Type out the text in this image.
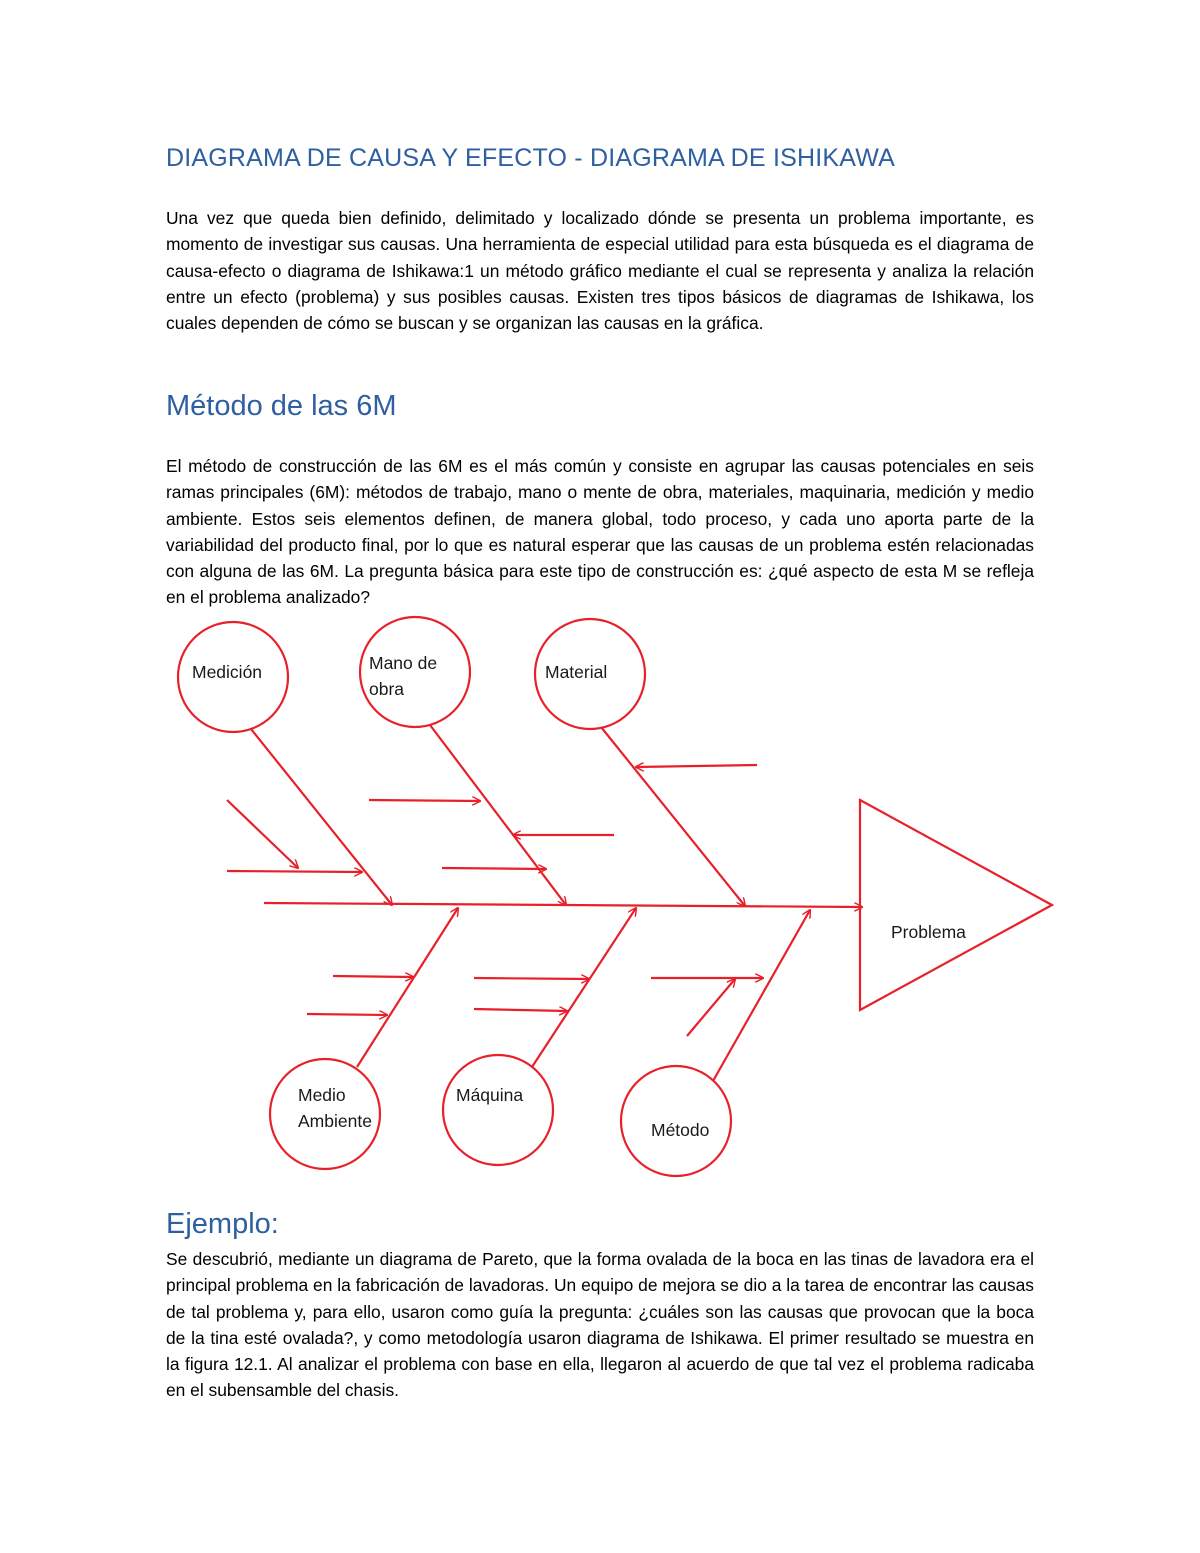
DIAGRAMA DE CAUSA Y EFECTO - DIAGRAMA DE ISHIKAWA

Una vez que queda bien definido, delimitado y localizado dónde se presenta un problema importante, es momento de investigar sus causas. Una herramienta de especial utilidad para esta búsqueda es el diagrama de causa-efecto o diagrama de Ishikawa:1 un método gráfico mediante el cual se representa y analiza la relación entre un efecto (problema) y sus posibles causas. Existen tres tipos básicos de diagramas de Ishikawa, los cuales dependen de cómo se buscan y se organizan las causas en la gráfica.

Método de las 6M

El método de construcción de las 6M es el más común y consiste en agrupar las causas potenciales en seis ramas principales (6M): métodos de trabajo, mano o mente de obra, materiales, maquinaria, medición y medio ambiente. Estos seis elementos definen, de manera global, todo proceso, y cada uno aporta parte de la variabilidad del producto final, por lo que es natural esperar que las causas de un problema estén relacionadas con alguna de las 6M. La pregunta básica para este tipo de construcción es: ¿qué aspecto de esta M se refleja en el problema analizado?

Medición	Mano de
obra
Material
Medio
Ambiente
Máquina
Método
Problema
Ejemplo:

Se descubrió, mediante un diagrama de Pareto, que la forma ovalada de la boca en las tinas de lavadora era el principal problema en la fabricación de lavadoras. Un equipo de mejora se dio a la tarea de encontrar las causas de tal problema y, para ello, usaron como guía la pregunta: ¿cuáles son las causas que provocan que la boca de la tina esté ovalada?, y como metodología usaron diagrama de Ishikawa. El primer resultado se muestra en la figura 12.1. Al analizar el problema con base en ella, llegaron al acuerdo de que tal vez el problema radicaba en el subensamble del chasis.
